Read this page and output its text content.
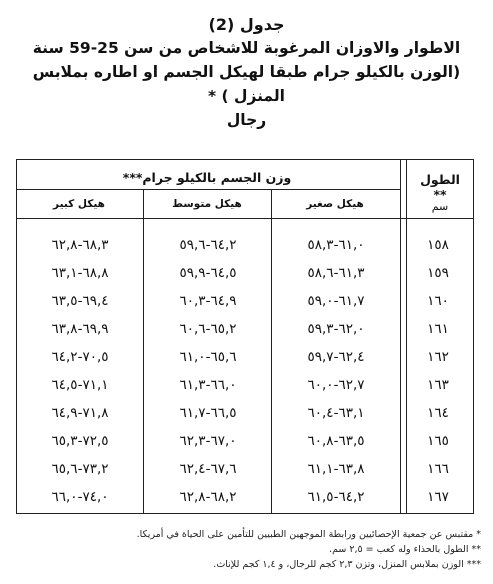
جدول (2)
الاطوار والاوزان المرغوبة للاشخاص من سن 25-59 سنة (الوزن بالكيلو جرام طبقا لهيكل الجسم او اطاره بملابس المنزل ) *
رجال
الطول **
سم
وزن الجسم بالكيلو جرام***
هيكل صغير
هيكل متوسط
هيكل كبير
١٥٨
٦١,٠-٥٨,٣
٦٤,٢-٥٩,٦
٦٨,٣-٦٢,٨
١٥٩
٦١,٣-٥٨,٦
٦٤,٥-٥٩,٩
٦٨,٨-٦٣,١
١٦٠
٦١,٧-٥٩,٠
٦٤,٩-٦٠,٣
٦٩,٤-٦٣,٥
١٦١
٦٢,٠-٥٩,٣
٦٥,٢-٦٠,٦
٦٩,٩-٦٣,٨
١٦٢
٦٢,٤-٥٩,٧
٦٥,٦-٦١,٠
٧٠,٥-٦٤,٢
١٦٣
٦٢,٧-٦٠,٠
٦٦,٠-٦١,٣
٧١,١-٦٤,٥
١٦٤
٦٣,١-٦٠,٤
٦٦,٥-٦١,٧
٧١,٨-٦٤,٩
١٦٥
٦٣,٥-٦٠,٨
٦٧,٠-٦٢,٣
٧٢,٥-٦٥,٣
١٦٦
٦٣,٨-٦١,١
٦٧,٦-٦٢,٤
٧٣,٢-٦٥,٦
١٦٧
٦٤,٢-٦١,٥
٦٨,٢-٦٢,٨
٧٤,٠-٦٦,٠
* مقتبس عن جمعية الإحصائيين ورابطة الموجهين الطبيين للتأمين على الحياة في أمريكا.
** الطول بالحذاء وله كعب = ٢,٥ سم.
*** الوزن بملابس المنزل، وتزن ٢,٣ كجم للرجال، و ١,٤ كجم للإناث.
